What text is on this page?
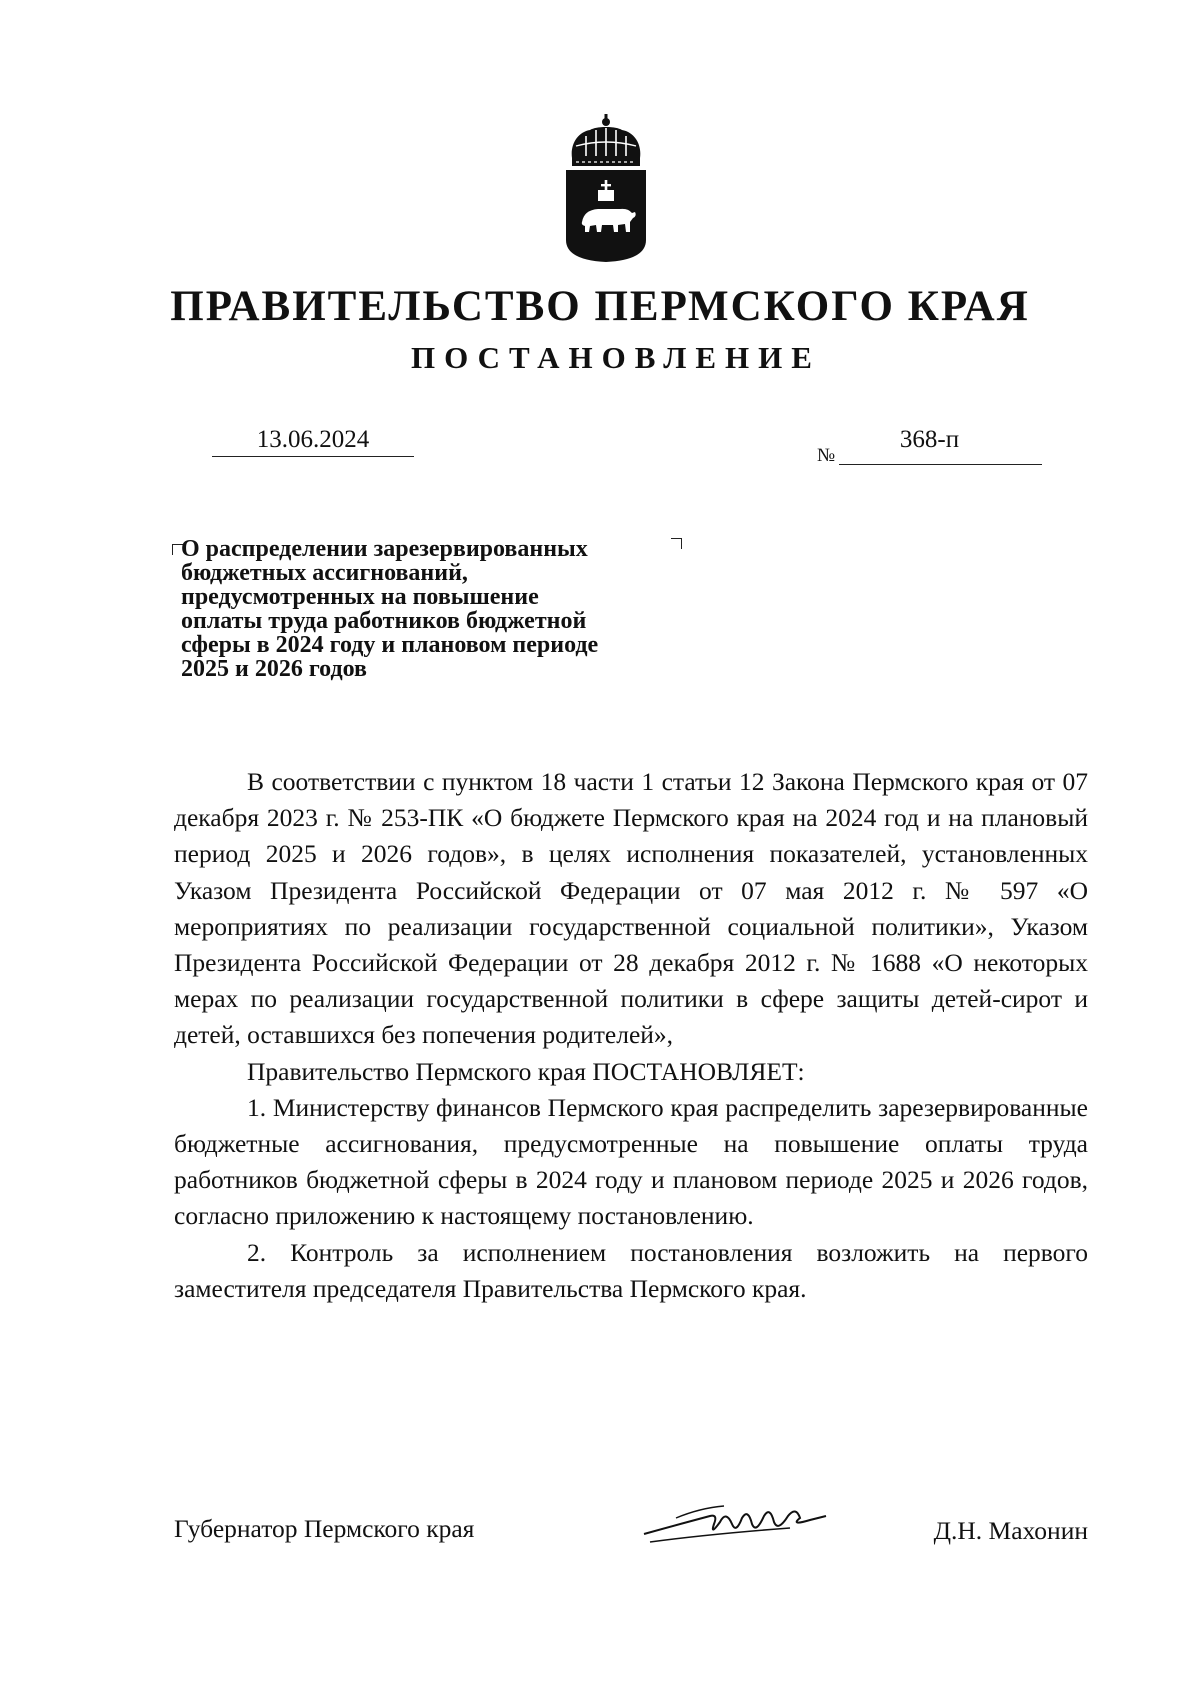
ПРАВИТЕЛЬСТВО ПЕРМСКОГО КРАЯ
ПОСТАНОВЛЕНИЕ
13.06.2024
№
368-п
О распределении зарезервированных
бюджетных ассигнований,
предусмотренных на повышение
оплаты труда работников бюджетной
сферы в 2024 году и плановом периоде
2025 и 2026 годов

В соответствии с пунктом 18 части 1 статьи 12 Закона Пермского края от 07 декабря 2023 г. № 253-ПК «О бюджете Пермского края на 2024 год и на плановый период 2025 и 2026 годов», в целях исполнения показателей, установленных Указом Президента Российской Федерации от 07 мая 2012 г. № 597 «О мероприятиях по реализации государственной социальной политики», Указом Президента Российской Федерации от 28 декабря 2012 г. № 1688 «О некоторых мерах по реализации государственной политики в сфере защиты детей-сирот и детей, оставшихся без попечения родителей»,

Правительство Пермского края ПОСТАНОВЛЯЕТ:

1. Министерству финансов Пермского края распределить зарезервированные бюджетные ассигнования, предусмотренные на повышение оплаты труда работников бюджетной сферы в 2024 году и плановом периоде 2025 и 2026 годов, согласно приложению к настоящему постановлению.

2. Контроль за исполнением постановления возложить на первого заместителя председателя Правительства Пермского края.

Губернатор Пермского края	Д.Н. Махонин
